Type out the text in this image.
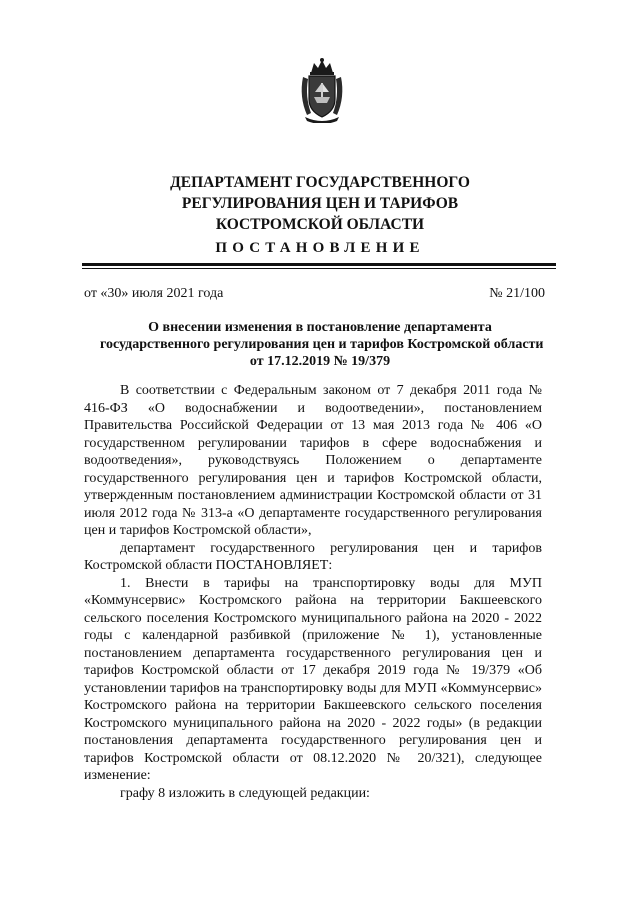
ДЕПАРТАМЕНТ ГОСУДАРСТВЕННОГО
РЕГУЛИРОВАНИЯ ЦЕН И ТАРИФОВ
КОСТРОМСКОЙ ОБЛАСТИ
ПОСТАНОВЛЕНИЕ
от «30» июля 2021 года	№ 21/100
О внесении изменения в постановление департамента
государственного регулирования цен и тарифов Костромской области
от 17.12.2019 № 19/379

В соответствии с Федеральным законом от 7 декабря 2011 года № 416-ФЗ «О водоснабжении и водоотведении», постановлением Правительства Российской Федерации от 13 мая 2013 года № 406 «О государственном регулировании тарифов в сфере водоснабжения и водоотведения», руководствуясь Положением о департаменте государственного регулирования цен и тарифов Костромской области, утвержденным постановлением администрации Костромской области от 31 июля 2012 года № 313-а «О департаменте государственного регулирования цен и тарифов Костромской области»,

департамент государственного регулирования цен и тарифов Костромской области ПОСТАНОВЛЯЕТ:

1. Внести в тарифы на транспортировку воды для МУП «Коммунсервис» Костромского района на территории Бакшеевского сельского поселения Костромского муниципального района на 2020 - 2022 годы с календарной разбивкой (приложение № 1), установленные постановлением департамента государственного регулирования цен и тарифов Костромской области от 17 декабря 2019 года № 19/379 «Об установлении тарифов на транспортировку воды для МУП «Коммунсервис» Костромского района на территории Бакшеевского сельского поселения Костромского муниципального района на 2020 - 2022 годы» (в редакции постановления департамента государственного регулирования цен и тарифов Костромской области от 08.12.2020 № 20/321), следующее изменение:

графу 8 изложить в следующей редакции:
